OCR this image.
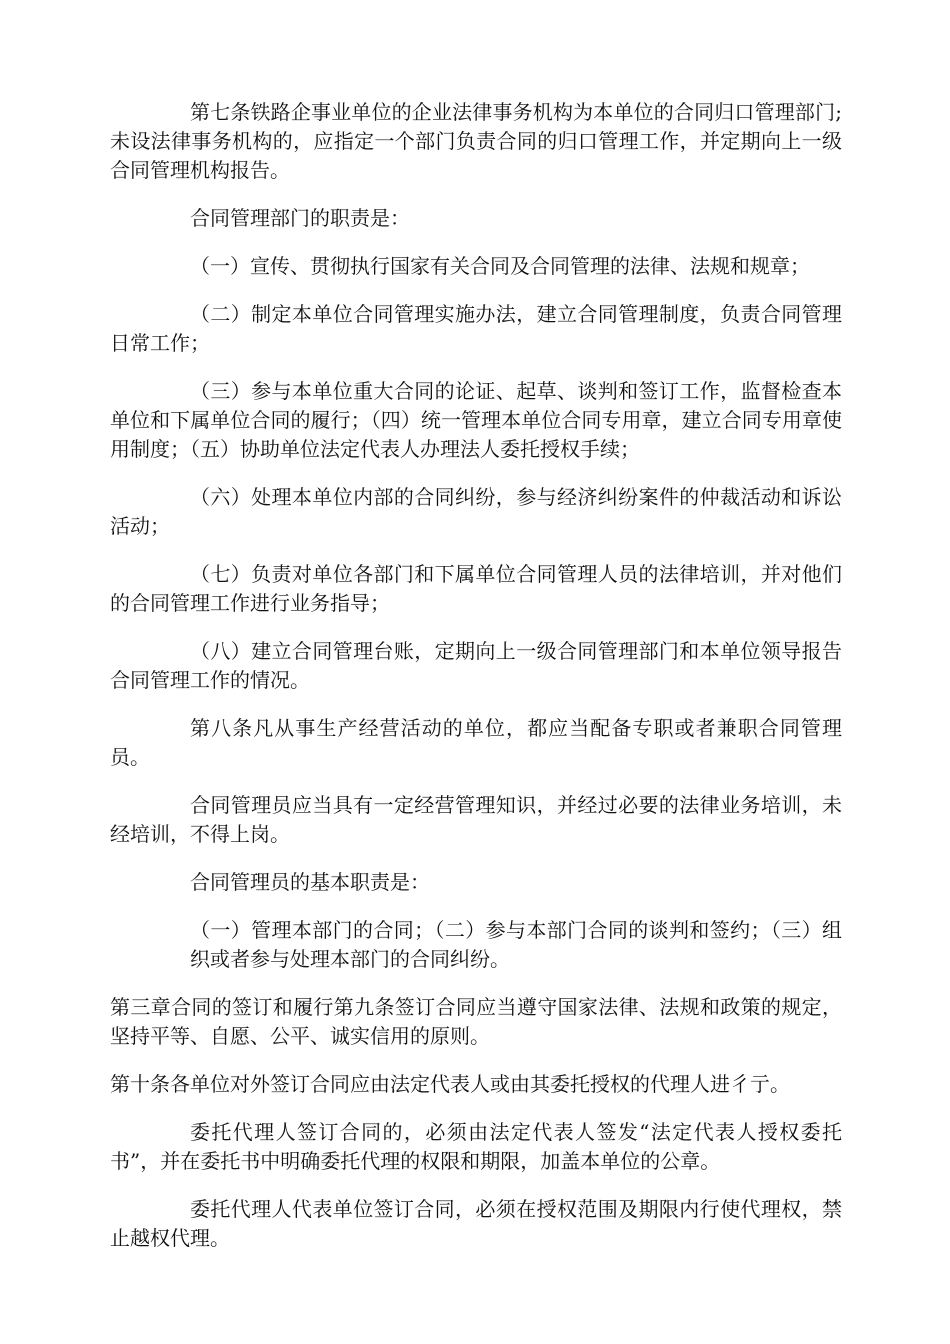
第七条铁路企事业单位的企业法律事务机构为本单位的合同归口管理部门;未设法律事务机构的，应指定一个部门负责合同的归口管理工作，并定期向上一级合同管理机构报告。

合同管理部门的职责是：

（一）宣传、贯彻执行国家有关合同及合同管理的法律、法规和规章；

（二）制定本单位合同管理实施办法，建立合同管理制度，负责合同管理日常工作；

（三）参与本单位重大合同的论证、起草、谈判和签订工作，监督检查本单位和下属单位合同的履行；（四）统一管理本单位合同专用章，建立合同专用章使用制度；（五）协助单位法定代表人办理法人委托授权手续；

（六）处理本单位内部的合同纠纷，参与经济纠纷案件的仲裁活动和诉讼活动；

（七）负责对单位各部门和下属单位合同管理人员的法律培训，并对他们的合同管理工作进行业务指导；

（八）建立合同管理台账，定期向上一级合同管理部门和本单位领导报告合同管理工作的情况。

第八条凡从事生产经营活动的单位，都应当配备专职或者兼职合同管理员。

合同管理员应当具有一定经营管理知识，并经过必要的法律业务培训，未经培训，不得上岗。

合同管理员的基本职责是：

（一）管理本部门的合同；（二）参与本部门合同的谈判和签约；（三）组织或者参与处理本部门的合同纠纷。

第三章合同的签订和履行第九条签订合同应当遵守国家法律、法规和政策的规定，坚持平等、自愿、公平、诚实信用的原则。

第十条各单位对外签订合同应由法定代表人或由其委托授权的代理人进彳亍。

委托代理人签订合同的，必须由法定代表人签发“法定代表人授权委托书”，并在委托书中明确委托代理的权限和期限，加盖本单位的公章。

委托代理人代表单位签订合同，必须在授权范围及期限内行使代理权，禁止越权代理。
